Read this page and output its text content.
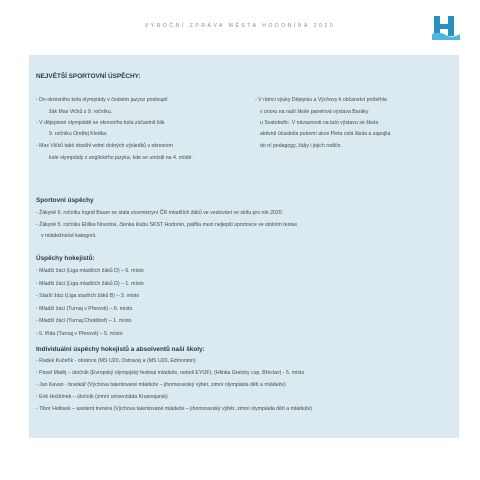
VÝROČNÍ ZPRÁVA MĚSTA HODONÍNA 2020
NEJVĚTŠÍ SPORTOVNÍ ÚSPĚCHY:
- Do okresního kola olympiády v českém jazyce postoupil
žák Max Vičků z 9. ročníku.
- V dějepisné olympiádě se okresního kola zúčastnil žák
9. ročníku Ondřej Kledka.
- Max Vičků také dosáhl velmi dobrých výsledků v okresním
kole olympiády z anglického jazyka, kde se umístil na 4. místě.
- V rámci výuky Dějepisu a Výchovy k občanství proběhla
v únoru na naší škole panelová výstava Baráky
u Svatobořic. V návaznosti na tuto výstavu se škola
aktivně účastnila putovní akce Pieta celá škola a zapojila
do ní pedagogy, žáky i jejich rodiče.
Sportovní úspěchy
- Žákyně 6. ročníku Ingrid Bauer se stala vicemistryní ČR mladších žáků ve veslování ve skifu pro rok 2020.
- Žákyně 5. ročníku Eliška Novotná, členka klubu SKST Hodonín, patřila mezi nejlepší sportovce ve stolním tenise
v mládežnické kategorii.
Úspěchy hokejistů:
- Mladší žáci (Liga mladších žáků D) – 6. místo
- Mladší žáci (Liga mladších žáků D) – 1. místo
- Starší žáci (Liga starších žáků B) – 3. místo
- Mladší žáci (Turnaj v Přerově) – 6. místo
- Mladší žáci (Turnaj Chotěboř) – 1. místo
- 5. třída (Turnaj v Přerově) – 5. místo
Individuální úspěchy hokejistů a absolventů naší školy:
- Radek Kučeřík - obránce (MS U20, Ostrava) a (MS U20, Edmonton)
- Pavel Matěj – útočník (Evropský olympijský festival mládeže, neboli EYOF), (Hlinka Gretzky cup, Břeclav) - 5. místo
- Jan Kavan - brankář (Výchova talentované mládeže – jihomoravský výběr, zimní olympiáda dětí a mládeže)
- Erik Hoššínek – útočník (zimní univerziáda Krasnojarsk)
- Tibor Hetlisek – asistent trenéra (Výchova talentované mládeže – jihomoravský výběr, zimní olympiáda dětí a mládeže)
